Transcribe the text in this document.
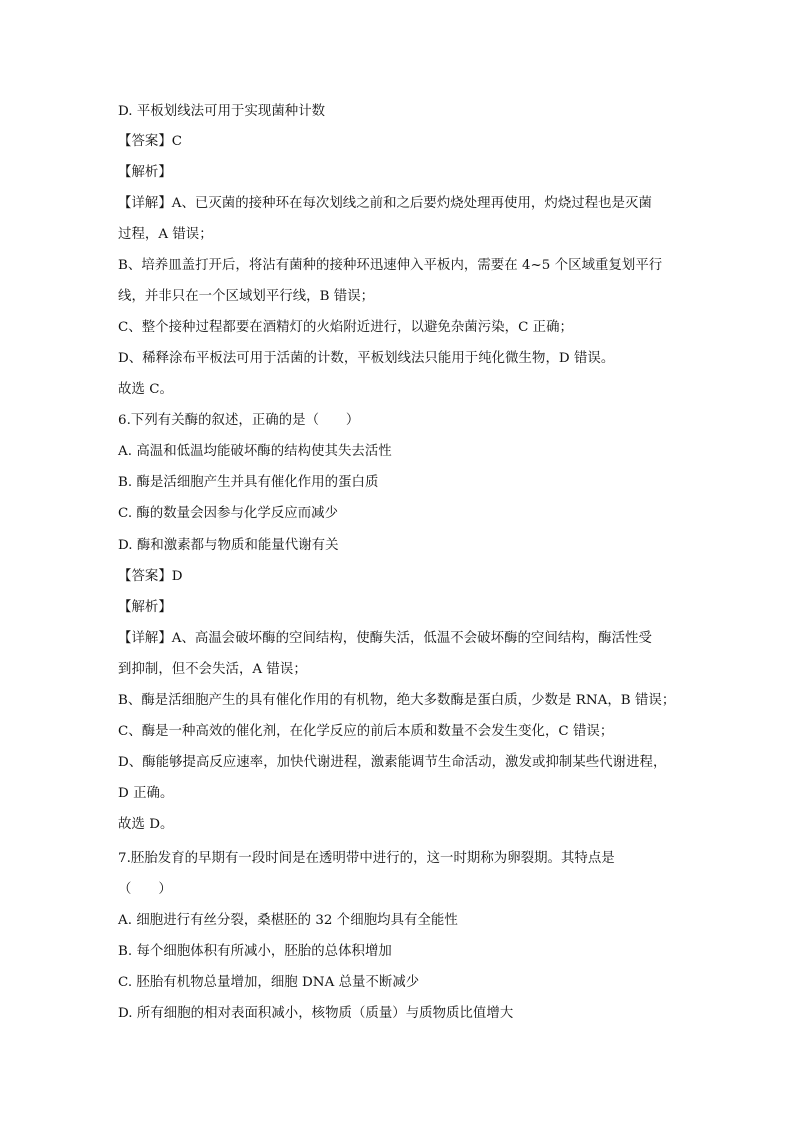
D. 平板划线法可用于实现菌种计数
【答案】C
【解析】
【详解】A、已灭菌的接种环在每次划线之前和之后要灼烧处理再使用，灼烧过程也是灭菌
过程，A 错误；
B、培养皿盖打开后，将沾有菌种的接种环迅速伸入平板内，需要在 4~5 个区域重复划平行
线，并非只在一个区域划平行线，B 错误；
C、整个接种过程都要在酒精灯的火焰附近进行，以避免杂菌污染，C 正确；
D、稀释涂布平板法可用于活菌的计数，平板划线法只能用于纯化微生物，D 错误。
故选 C。
6.下列有关酶的叙述，正确的是（　　）
A. 高温和低温均能破坏酶的结构使其失去活性
B. 酶是活细胞产生并具有催化作用的蛋白质
C. 酶的数量会因参与化学反应而减少
D. 酶和激素都与物质和能量代谢有关
【答案】D
【解析】
【详解】A、高温会破坏酶的空间结构，使酶失活，低温不会破坏酶的空间结构，酶活性受
到抑制，但不会失活，A 错误；
B、酶是活细胞产生的具有催化作用的有机物，绝大多数酶是蛋白质，少数是 RNA，B 错误；
C、酶是一种高效的催化剂，在化学反应的前后本质和数量不会发生变化，C 错误；
D、酶能够提高反应速率，加快代谢进程，激素能调节生命活动，激发或抑制某些代谢进程，
D 正确。
故选 D。
7.胚胎发育的早期有一段时间是在透明带中进行的，这一时期称为卵裂期。其特点是
（　　）
A. 细胞进行有丝分裂，桑椹胚的 32 个细胞均具有全能性
B. 每个细胞体积有所减小，胚胎的总体积增加
C. 胚胎有机物总量增加，细胞 DNA 总量不断减少
D. 所有细胞的相对表面积减小，核物质（质量）与质物质比值增大
